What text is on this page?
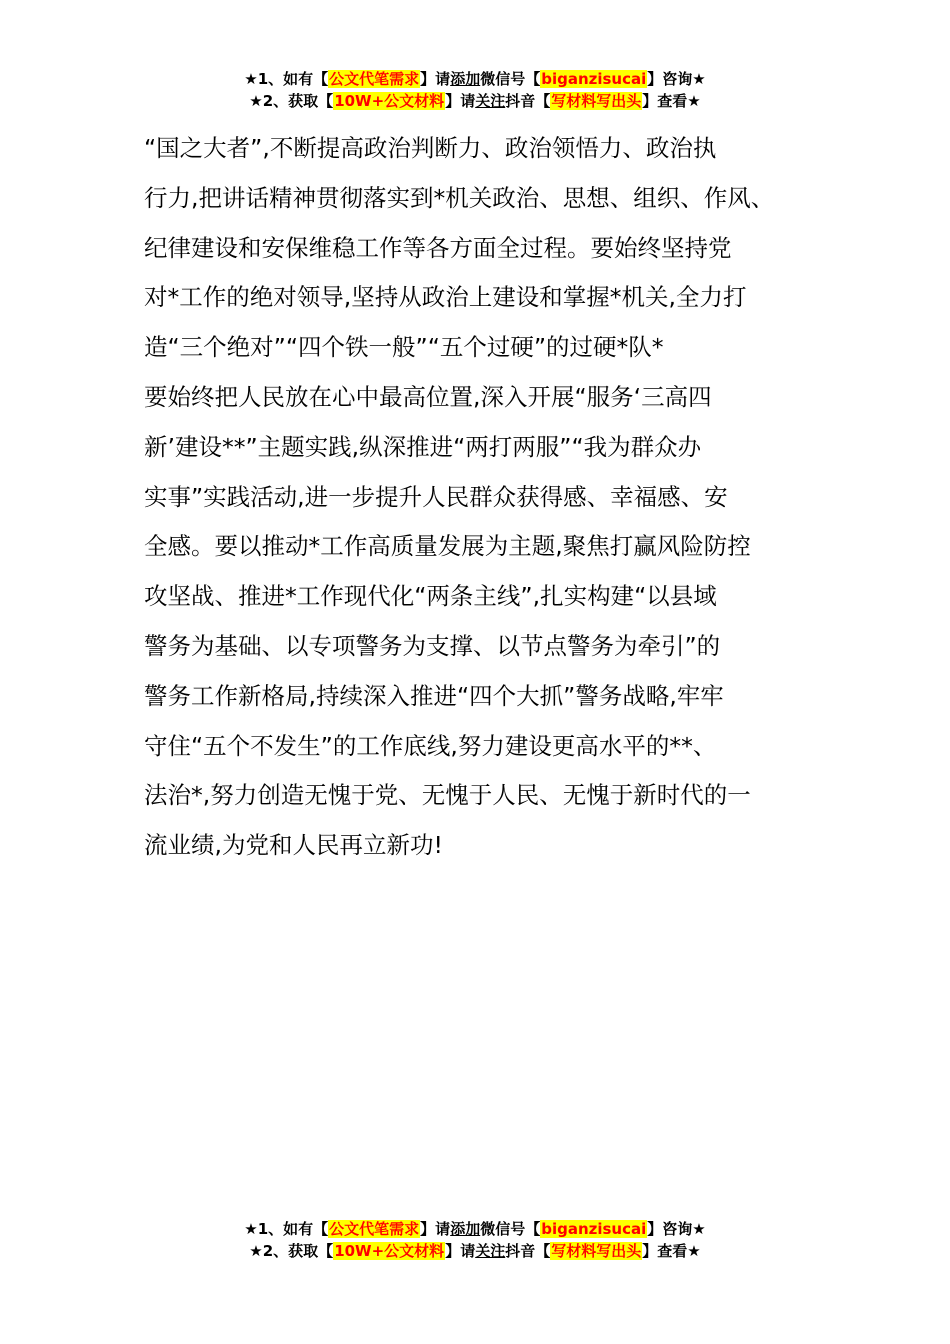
★1、如有【公文代笔需求】请添加微信号【biganzisucai】咨询★
★2、获取【10W+公文材料】请关注抖音【写材料写出头】查看★
“国之大者”,不断提高政治判断力、政治领悟力、政治执
行力,把讲话精神贯彻落实到*机关政治、思想、组织、作风、
纪律建设和安保维稳工作等各方面全过程。要始终坚持党
对*工作的绝对领导,坚持从政治上建设和掌握*机关,全力打
造“三个绝对”“四个铁一般”“五个过硬”的过硬*队*
要始终把人民放在心中最高位置,深入开展“服务‘三高四
新’建设**”主题实践,纵深推进“两打两服”“我为群众办
实事”实践活动,进一步提升人民群众获得感、幸福感、安
全感。要以推动*工作高质量发展为主题,聚焦打赢风险防控
攻坚战、推进*工作现代化“两条主线”,扎实构建“以县域
警务为基础、以专项警务为支撑、以节点警务为牵引”的
警务工作新格局,持续深入推进“四个大抓”警务战略,牢牢
守住“五个不发生”的工作底线,努力建设更高水平的**、
法治*,努力创造无愧于党、无愧于人民、无愧于新时代的一
流业绩,为党和人民再立新功!
★1、如有【公文代笔需求】请添加微信号【biganzisucai】咨询★
★2、获取【10W+公文材料】请关注抖音【写材料写出头】查看★
